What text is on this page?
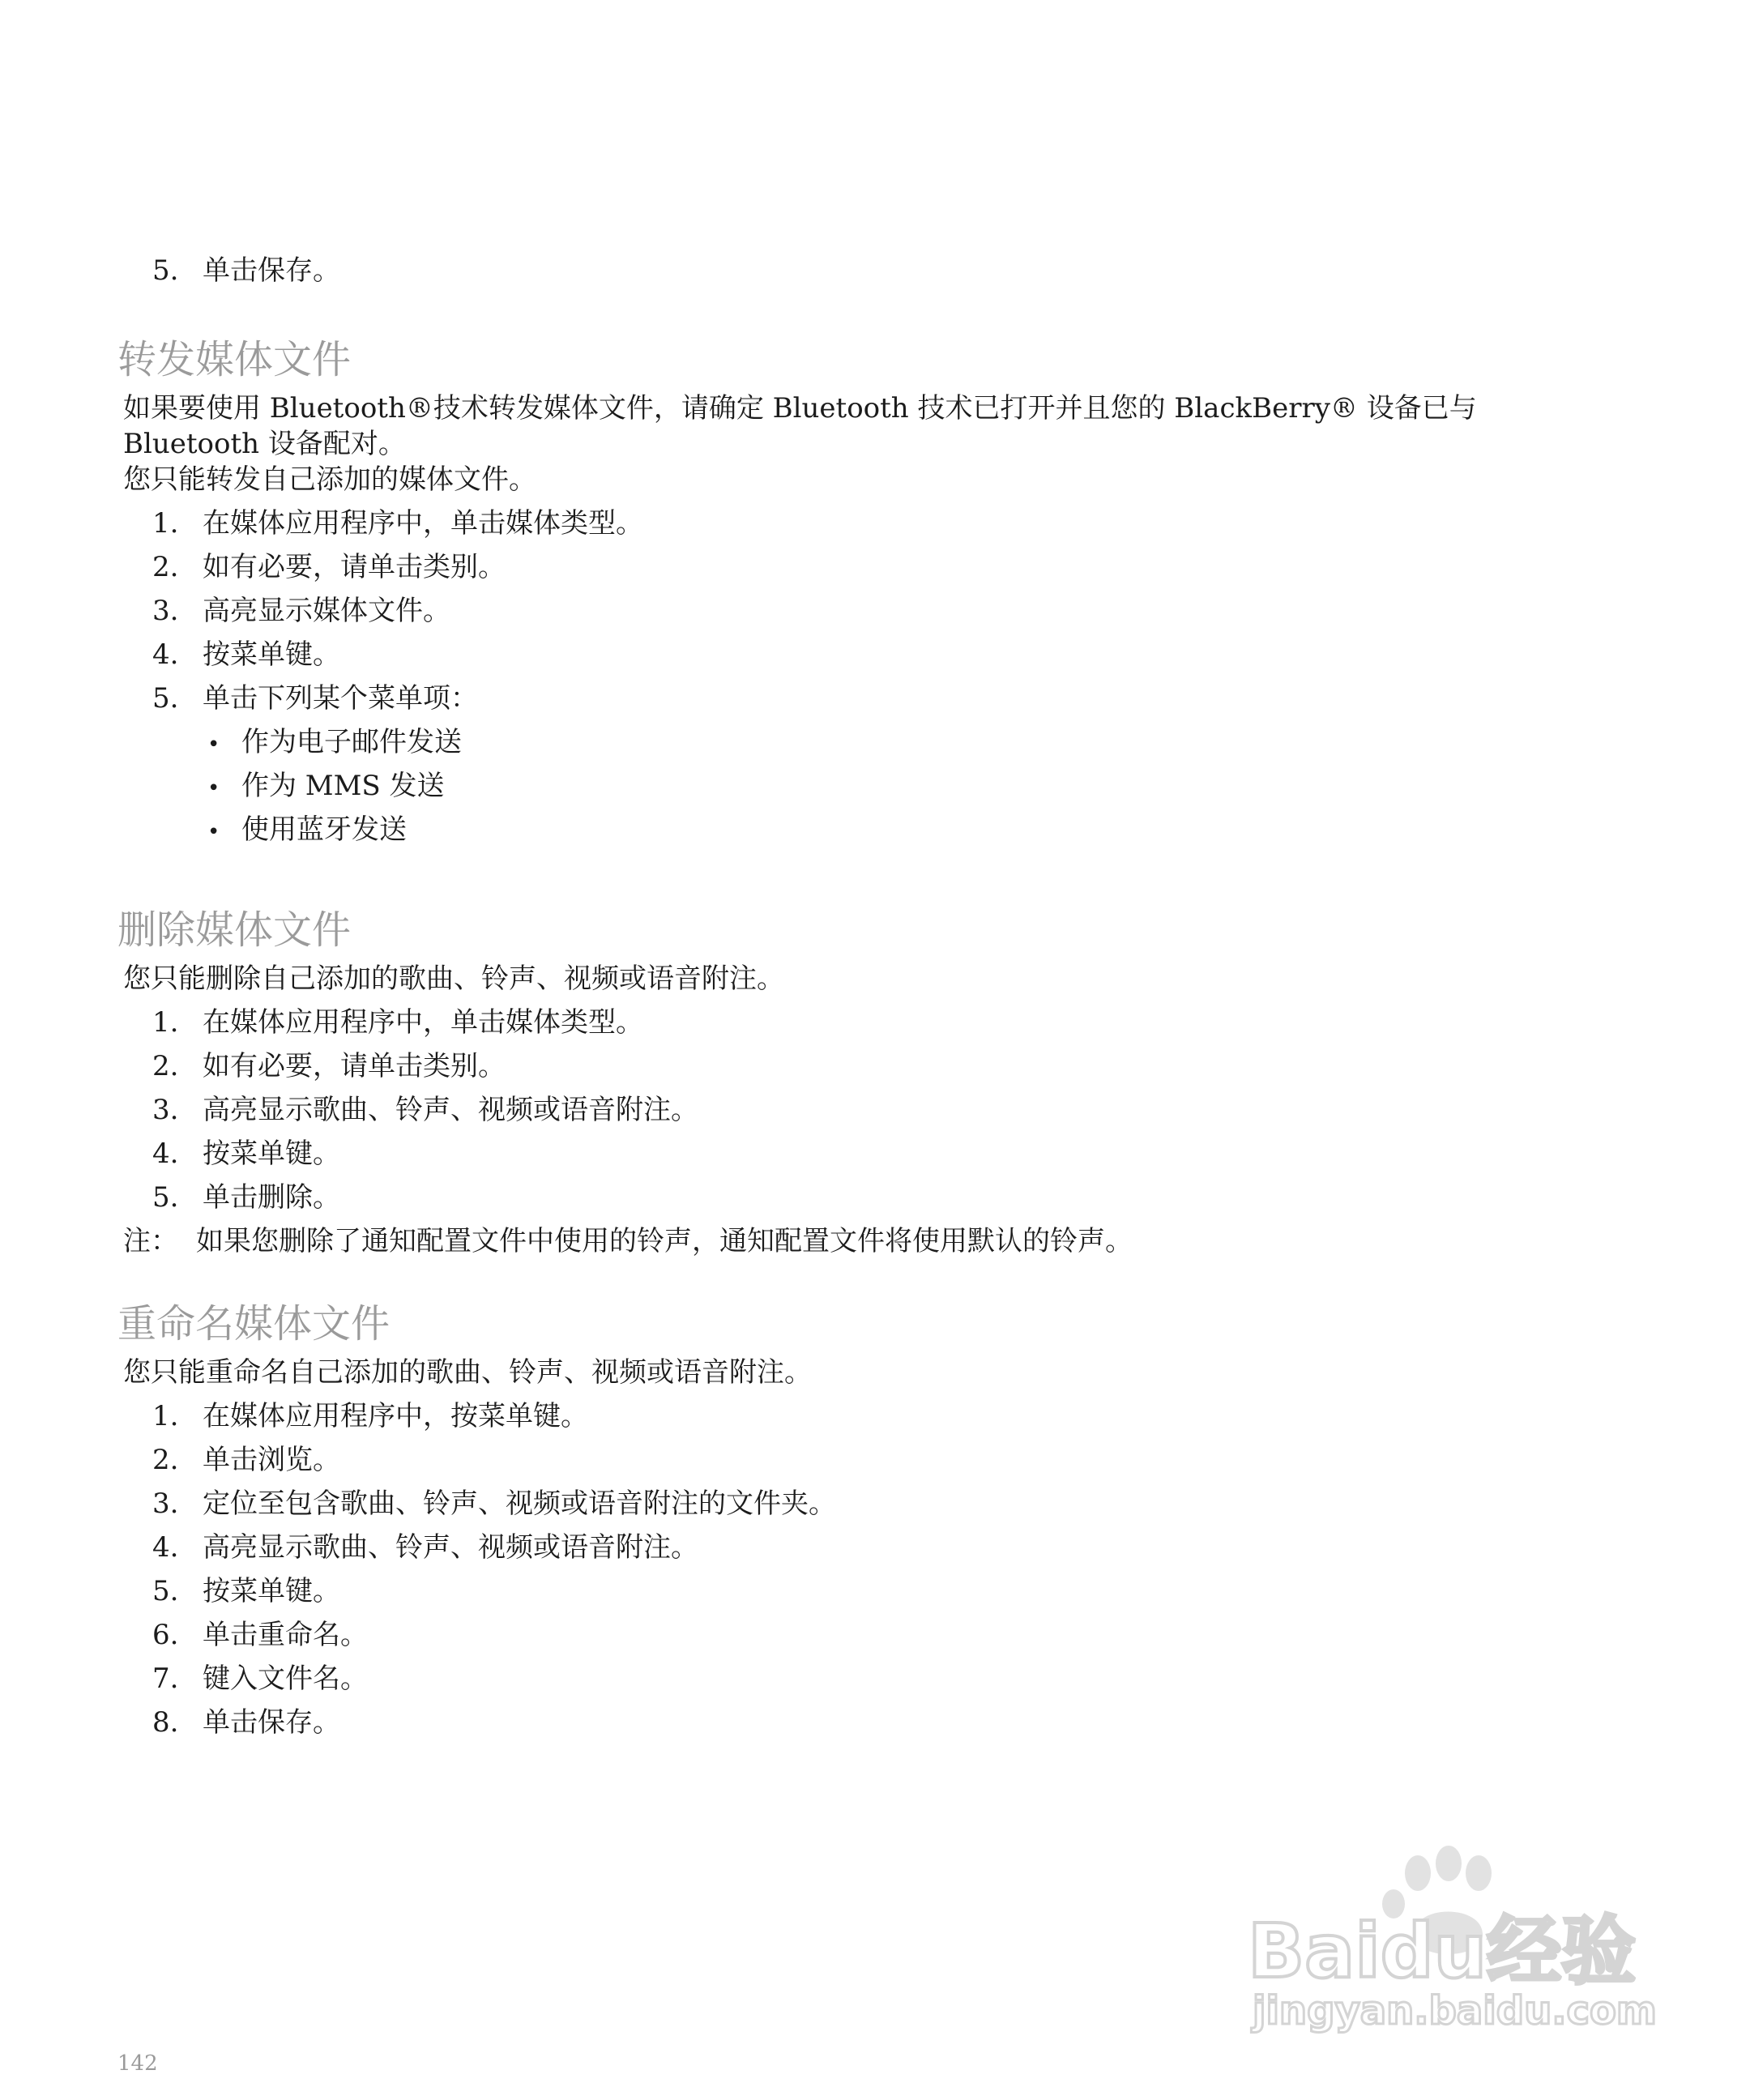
5. 单击保存。
转发媒体文件
如果要使用 Bluetooth®技术转发媒体文件，请确定 Bluetooth 技术已打开并且您的 BlackBerry® 设备已与
Bluetooth 设备配对。
您只能转发自己添加的媒体文件。
1. 在媒体应用程序中，单击媒体类型。
2. 如有必要，请单击类别。
3. 高亮显示媒体文件。
4. 按菜单键。
5. 单击下列某个菜单项：
• 作为电子邮件发送
• 作为 MMS 发送
• 使用蓝牙发送
删除媒体文件
您只能删除自己添加的歌曲、铃声、视频或语音附注。
1. 在媒体应用程序中，单击媒体类型。
2. 如有必要，请单击类别。
3. 高亮显示歌曲、铃声、视频或语音附注。
4. 按菜单键。
5. 单击删除。
注： 如果您删除了通知配置文件中使用的铃声，通知配置文件将使用默认的铃声。
重命名媒体文件
您只能重命名自己添加的歌曲、铃声、视频或语音附注。
1. 在媒体应用程序中，按菜单键。
2. 单击浏览。
3. 定位至包含歌曲、铃声、视频或语音附注的文件夹。
4. 高亮显示歌曲、铃声、视频或语音附注。
5. 按菜单键。
6. 单击重命名。
7. 键入文件名。
8. 单击保存。
Baidu经验
jingyan.baidu.com
142
